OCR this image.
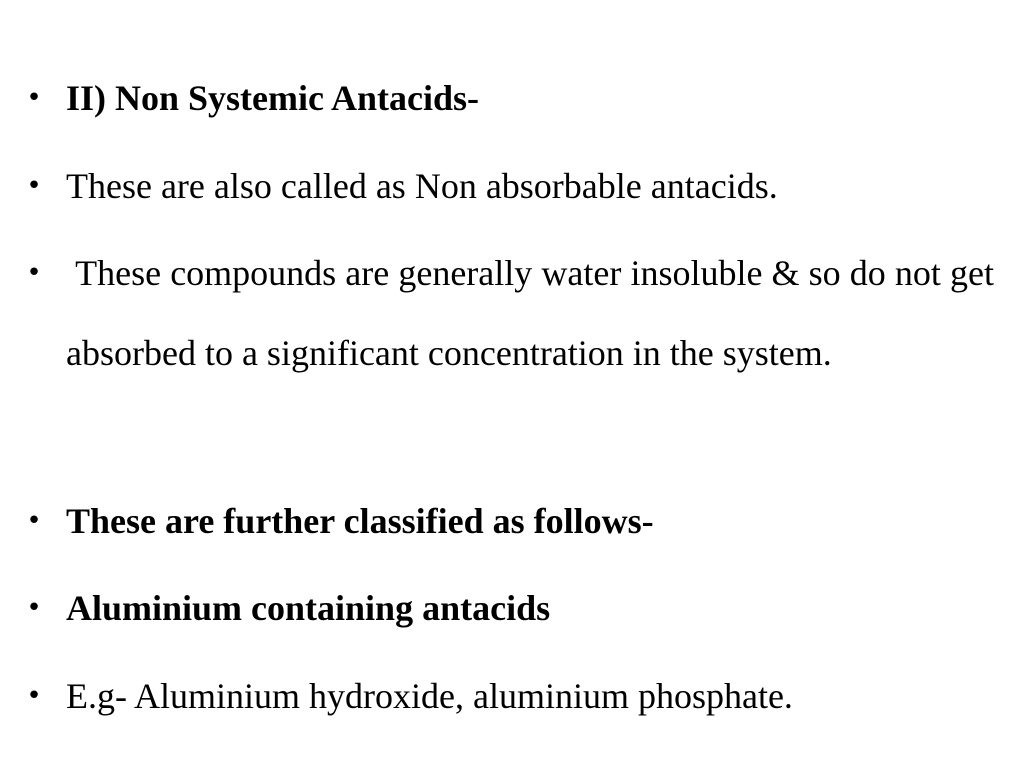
• II) Non Systemic Antacids-
• These are also called as Non absorbable antacids.
• These compounds are generally water insoluble & so do not get absorbed to a significant concentration in the system.
• These are further classified as follows-
• Aluminium containing antacids
• E.g- Aluminium hydroxide, aluminium phosphate.
